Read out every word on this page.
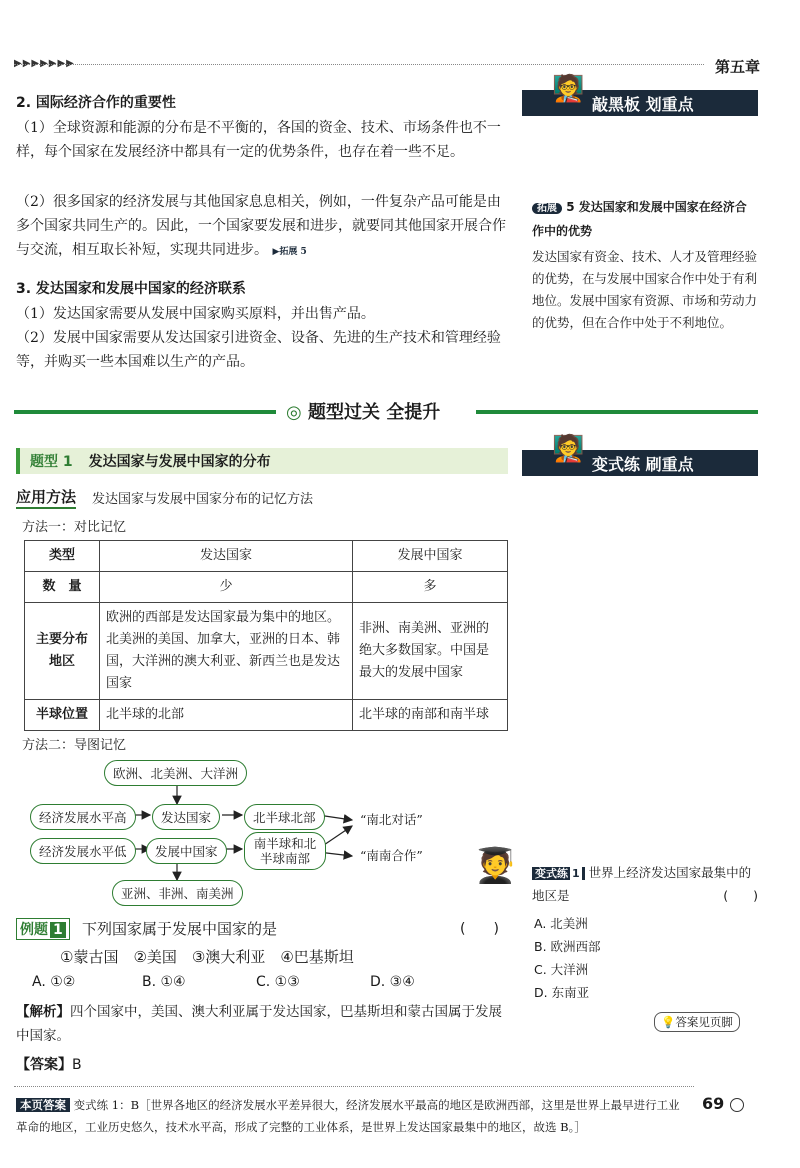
▶▶▶▶▶▶▶	第五章
2. 国际经济合作的重要性
（1）全球资源和能源的分布是不平衡的，各国的资金、技术、市场条件也不一样，每个国家在发展经济中都具有一定的优势条件，也存在着一些不足。
（2）很多国家的经济发展与其他国家息息相关，例如，一件复杂产品可能是由多个国家共同生产的。因此，一个国家要发展和进步，就要同其他国家开展合作与交流，相互取长补短，实现共同进步。 ▶拓展 5
3. 发达国家和发展中国家的经济联系
（1）发达国家需要从发展中国家购买原料，并出售产品。
（2）发展中国家需要从发达国家引进资金、设备、先进的生产技术和管理经验等，并购买一些本国难以生产的产品。
敲黑板 划重点
🧑‍🏫
拓展 5 发达国家和发展中国家在经济合作中的优势
发达国家有资金、技术、人才及管理经验的优势，在与发展中国家合作中处于有利地位。发展中国家有资源、市场和劳动力的优势，但在合作中处于不利地位。
◎ 题型过关 全提升
题型 1 发达国家与发展中国家的分布	变式练 刷重点
🧑‍🏫
应用方法 发达国家与发展中国家分布的记忆方法
方法一：对比记忆
类型	发达国家	发展中国家
数　量	少	多
主要分布地区	欧洲的西部是发达国家最为集中的地区。北美洲的美国、加拿大，亚洲的日本、韩国，大洋洲的澳大利亚、新西兰也是发达国家	非洲、南美洲、亚洲的绝大多数国家。中国是最大的发展中国家
半球位置	北半球的北部	北半球的南部和南半球
方法二：导图记忆
欧洲、北美洲、大洋洲
经济发展水平高	发达国家	北半球北部	“南北对话”
经济发展水平低	发展中国家
南半球和北半球南部	“南南合作”
亚洲、非洲、南美洲
🧑‍🎓
例题 1	下列国家属于发展中国家的是	(　　)
①蒙古国　②美国　③澳大利亚　④巴基斯坦
A. ①②	B. ①④	C. ①③	D. ③④
【解析】四个国家中，美国、澳大利亚属于发达国家，巴基斯坦和蒙古国属于发展中国家。
【答案】B
变式练 1 世界上经济发达国家最集中的地区是	(　　)
A. 北美洲
B. 欧洲西部
C. 大洋洲
D. 东南亚
💡答案见页脚
本页答案 变式练 1：B［世界各地区的经济发展水平差异很大，经济发展水平最高的地区是欧洲西部，这里是世界上最早进行工业革命的地区，工业历史悠久，技术水平高，形成了完整的工业体系，是世界上发达国家最集中的地区，故选 B。］
69
